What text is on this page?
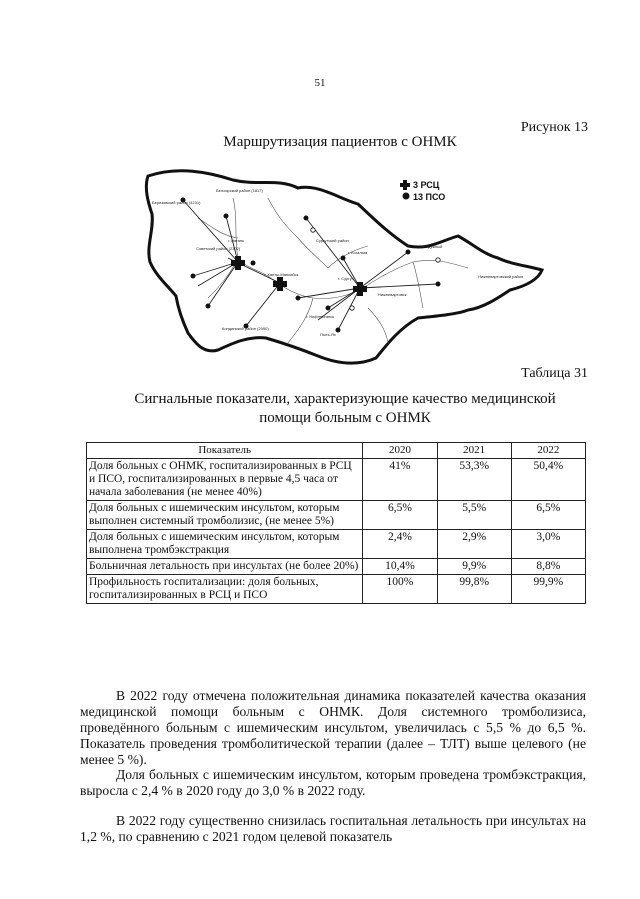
51
Рисунок 13
Маршрутизация пациентов с ОНМК
3 РСЦ
13 ПСО
Березовский район (4231)
Белоярский район (1817)
Советский район (2302)
Кондинский район (2990)
г. Нягань
г. Ханты-Мансийск
Сургутский район
г. Сургут
г. Нефтеюганск
Нижневартовск
г. Радужный
Пыть-Ях
г. Когалым
Нижневартовский район
Таблица 31
Сигнальные показатели, характеризующие качество медицинской
помощи больным с ОНМК
Показатель	2020	2021	2022
Доля больных с ОНМК, госпитализированных в РСЦ и ПСО, госпитализированных в первые 4,5 часа от начала заболевания (не менее 40%)	41%	53,3%	50,4%
Доля больных с ишемическим инсультом, которым выполнен системный тромболизис, (не менее 5%)	6,5%	5,5%	6,5%
Доля больных с ишемическим инсультом, которым выполнена тромбэкстракция	2,4%	2,9%	3,0%
Больничная летальность при инсультах (не более 20%)	10,4%	9,9%	8,8%
Профильность госпитализации: доля больных, госпитализированных в РСЦ и ПСО	100%	99,8%	99,9%
В 2022 году отмечена положительная динамика показателей качества оказания медицинской помощи больным с ОНМК. Доля системного тромболизиса, проведённого больным с ишемическим инсультом, увеличилась с 5,5 % до 6,5 %. Показатель проведения тромболитической терапии (далее – ТЛТ) выше целевого (не менее 5 %).
Доля больных с ишемическим инсультом, которым проведена тромбэкстракция, выросла с 2,4 % в 2020 году до 3,0 % в 2022 году.
В 2022 году существенно снизилась госпитальная летальность при инсультах на 1,2 %, по сравнению с 2021 годом целевой показатель
